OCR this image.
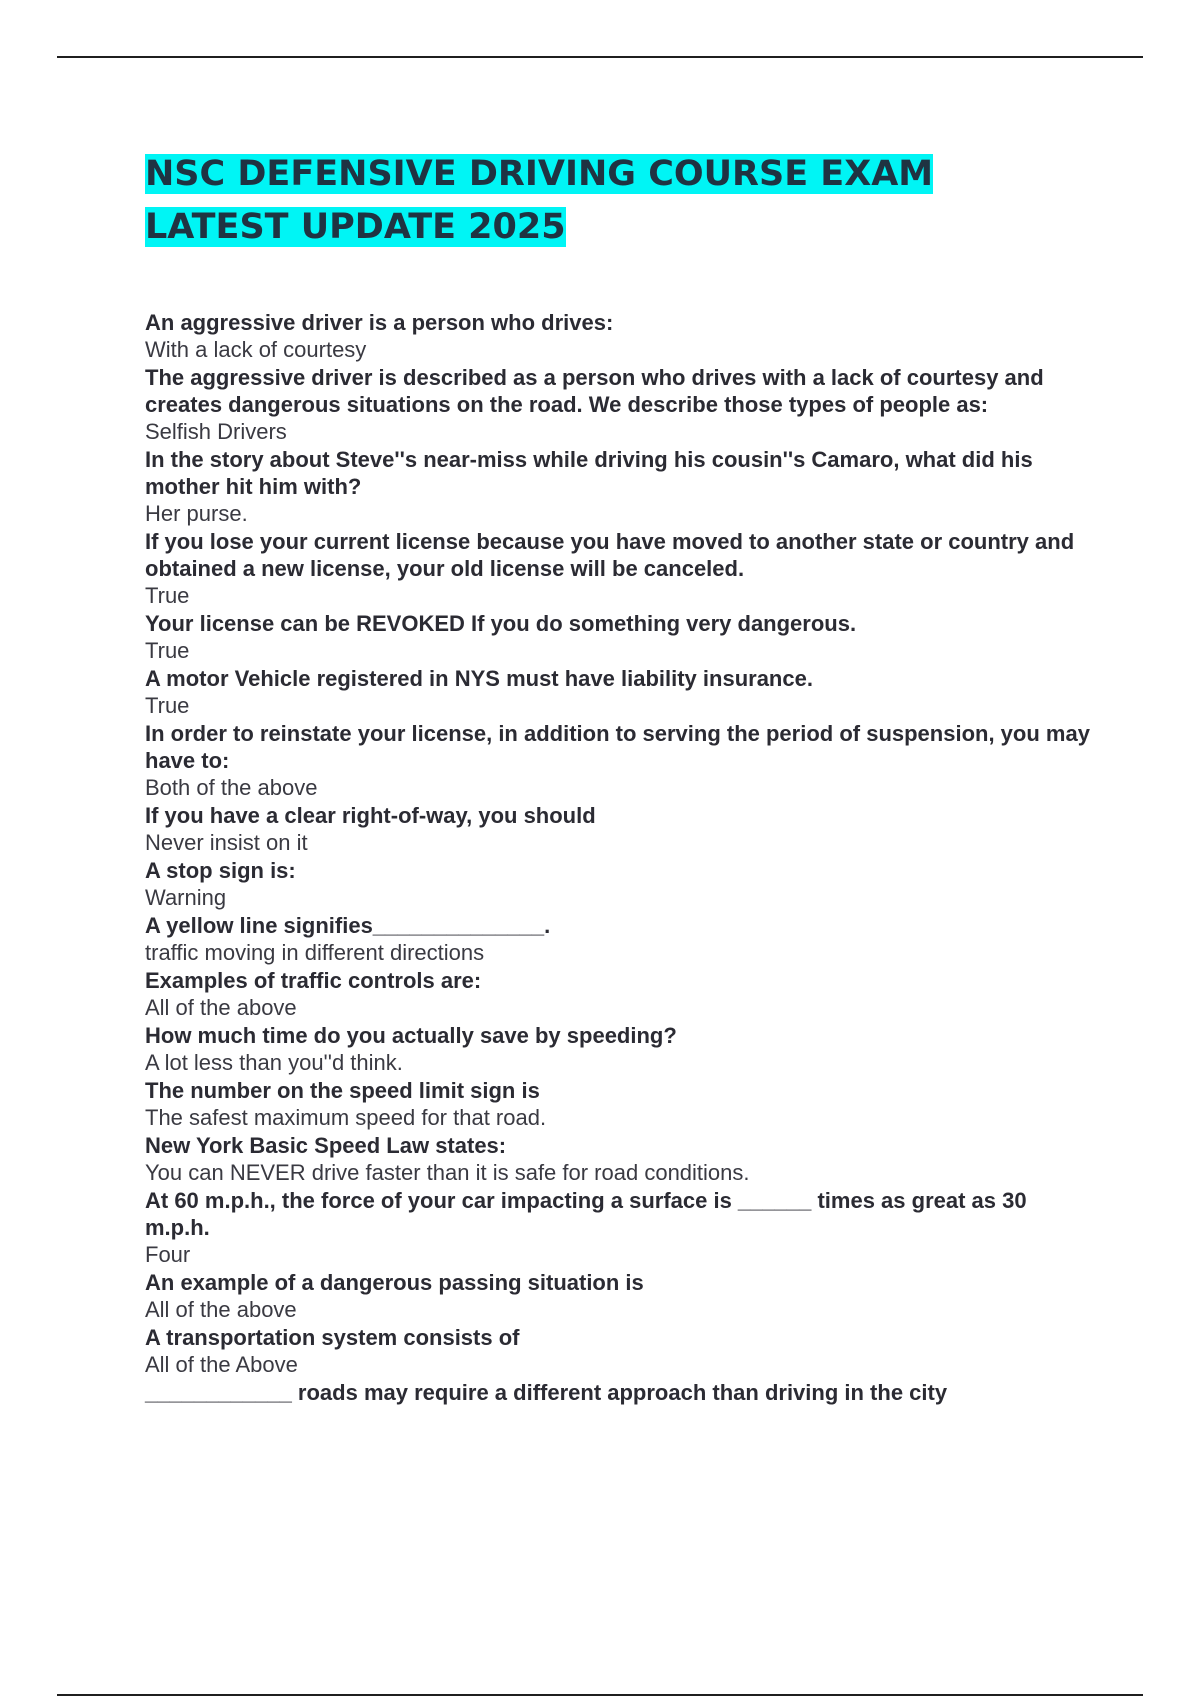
NSC DEFENSIVE DRIVING COURSE EXAM LATEST UPDATE 2025

An aggressive driver is a person who drives:

With a lack of courtesy

The aggressive driver is described as a person who drives with a lack of courtesy and creates dangerous situations on the road. We describe those types of people as:

Selfish Drivers

In the story about Steve''s near-miss while driving his cousin''s Camaro, what did his mother hit him with?

Her purse.

If you lose your current license because you have moved to another state or country and obtained a new license, your old license will be canceled.

True

Your license can be REVOKED If you do something very dangerous.

True

A motor Vehicle registered in NYS must have liability insurance.

True

In order to reinstate your license, in addition to serving the period of suspension, you may have to:

Both of the above

If you have a clear right-of-way, you should

Never insist on it

A stop sign is:

Warning

A yellow line signifies______________.

traffic moving in different directions

Examples of traffic controls are:

All of the above

How much time do you actually save by speeding?

A lot less than you''d think.

The number on the speed limit sign is

The safest maximum speed for that road.

New York Basic Speed Law states:

You can NEVER drive faster than it is safe for road conditions.

At 60 m.p.h., the force of your car impacting a surface is ______ times as great as 30 m.p.h.

Four

An example of a dangerous passing situation is

All of the above

A transportation system consists of

All of the Above

____________ roads may require a different approach than driving in the city
